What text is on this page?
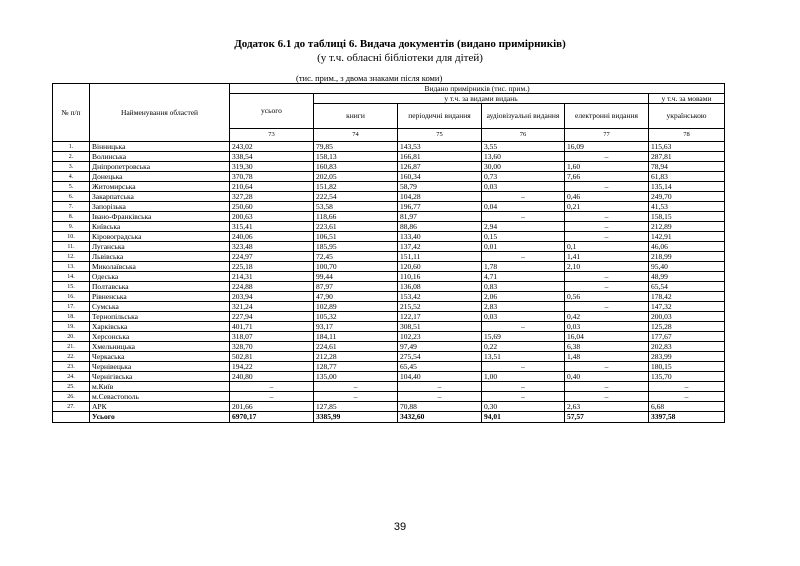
Додаток 6.1 до таблиці 6. Видача документів (видано примірників)
(у т.ч. обласні бібліотеки для дітей)
(тис. прим., з двома знаками після коми)
№ п/п	Найменування областей	Видано примірників (тис. прим.)					
		усього	у т.ч. за видами видань				у т.ч. за мовами
			книги	періодичні видання	аудіовізуальні видання	електронні видання	українською
		73	74	75	76	77	78
1.	Вінницька	243,02	79,85	143,53	3,55	16,09	115,63
2.	Волинська	338,54	158,13	166,81	13,60	–	287,81
3.	Дніпропетровська	319,30	160,83	126,87	30,00	1,60	78,94
4.	Донецька	370,78	202,05	160,34	0,73	7,66	61,83
5.	Житомирська	210,64	151,82	58,79	0,03	–	135,14
6.	Закарпатська	327,28	222,54	104,28	–	0,46	249,70
7.	Запорізька	250,60	53,58	196,77	0,04	0,21	41,53
8.	Івано-Франківська	200,63	118,66	81,97	–	–	158,15
9.	Київська	315,41	223,61	88,86	2,94	–	212,89
10.	Кіровоградська	240,06	106,51	133,40	0,15	–	142,91
11.	Луганська	323,48	185,95	137,42	0,01	0,1	46,06
12.	Львівська	224,97	72,45	151,11	–	1,41	218,99
13.	Миколаївська	225,18	100,70	120,60	1,78	2,10	95,40
14.	Одеська	214,31	99,44	110,16	4,71	–	48,99
15.	Полтавська	224,88	87,97	136,08	0,83	–	65,54
16.	Рівненська	203,94	47,90	153,42	2,06	0,56	178,42
17.	Сумська	321,24	102,89	215,52	2,83	–	147,32
18.	Тернопільська	227,94	105,32	122,17	0,03	0,42	200,03
19.	Харківська	401,71	93,17	308,51	–	0,03	125,28
20.	Херсонська	318,07	184,11	102,23	15,69	16,04	177,67
21.	Хмельницька	328,70	224,61	97,49	0,22	6,38	202,83
22.	Черкаська	502,81	212,28	275,54	13,51	1,48	283,99
23.	Чернівецька	194,22	128,77	65,45	–	–	180,15
24.	Чернігівська	240,80	135,00	104,40	1,00	0,40	135,70
25.	м.Київ	–	–	–	–	–	–
26.	м.Севастополь	–	–	–	–	–	–
27.	АРК	201,66	127,85	70,88	0,30	2,63	6,68
	Усього	6970,17	3385,99	3432,60	94,01	57,57	3397,58
39
